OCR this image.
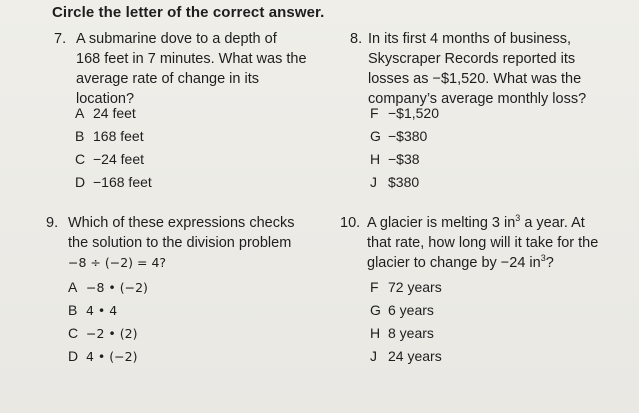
Circle the letter of the correct answer.
7. A submarine dove to a depth of
168 feet in 7 minutes. What was the
average rate of change in its
location?
A 24 feet
B 168 feet
C −24 feet
D −168 feet
8. In its first 4 months of business,
Skyscraper Records reported its
losses as −$1,520. What was the
company’s average monthly loss?
F −$1,520
G −$380
H −$38
J $380
9. Which of these expressions checks
the solution to the division problem
−8 ÷ (−2) = 4?
A −8 • (−2)
B 4 • 4
C −2 • (2)
D 4 • (−2)
10. A glacier is melting 3 $in^3$ a year. At
that rate, how long will it take for the
glacier to change by −24 $in^3$?
F 72 years
G 6 years
H 8 years
J 24 years
